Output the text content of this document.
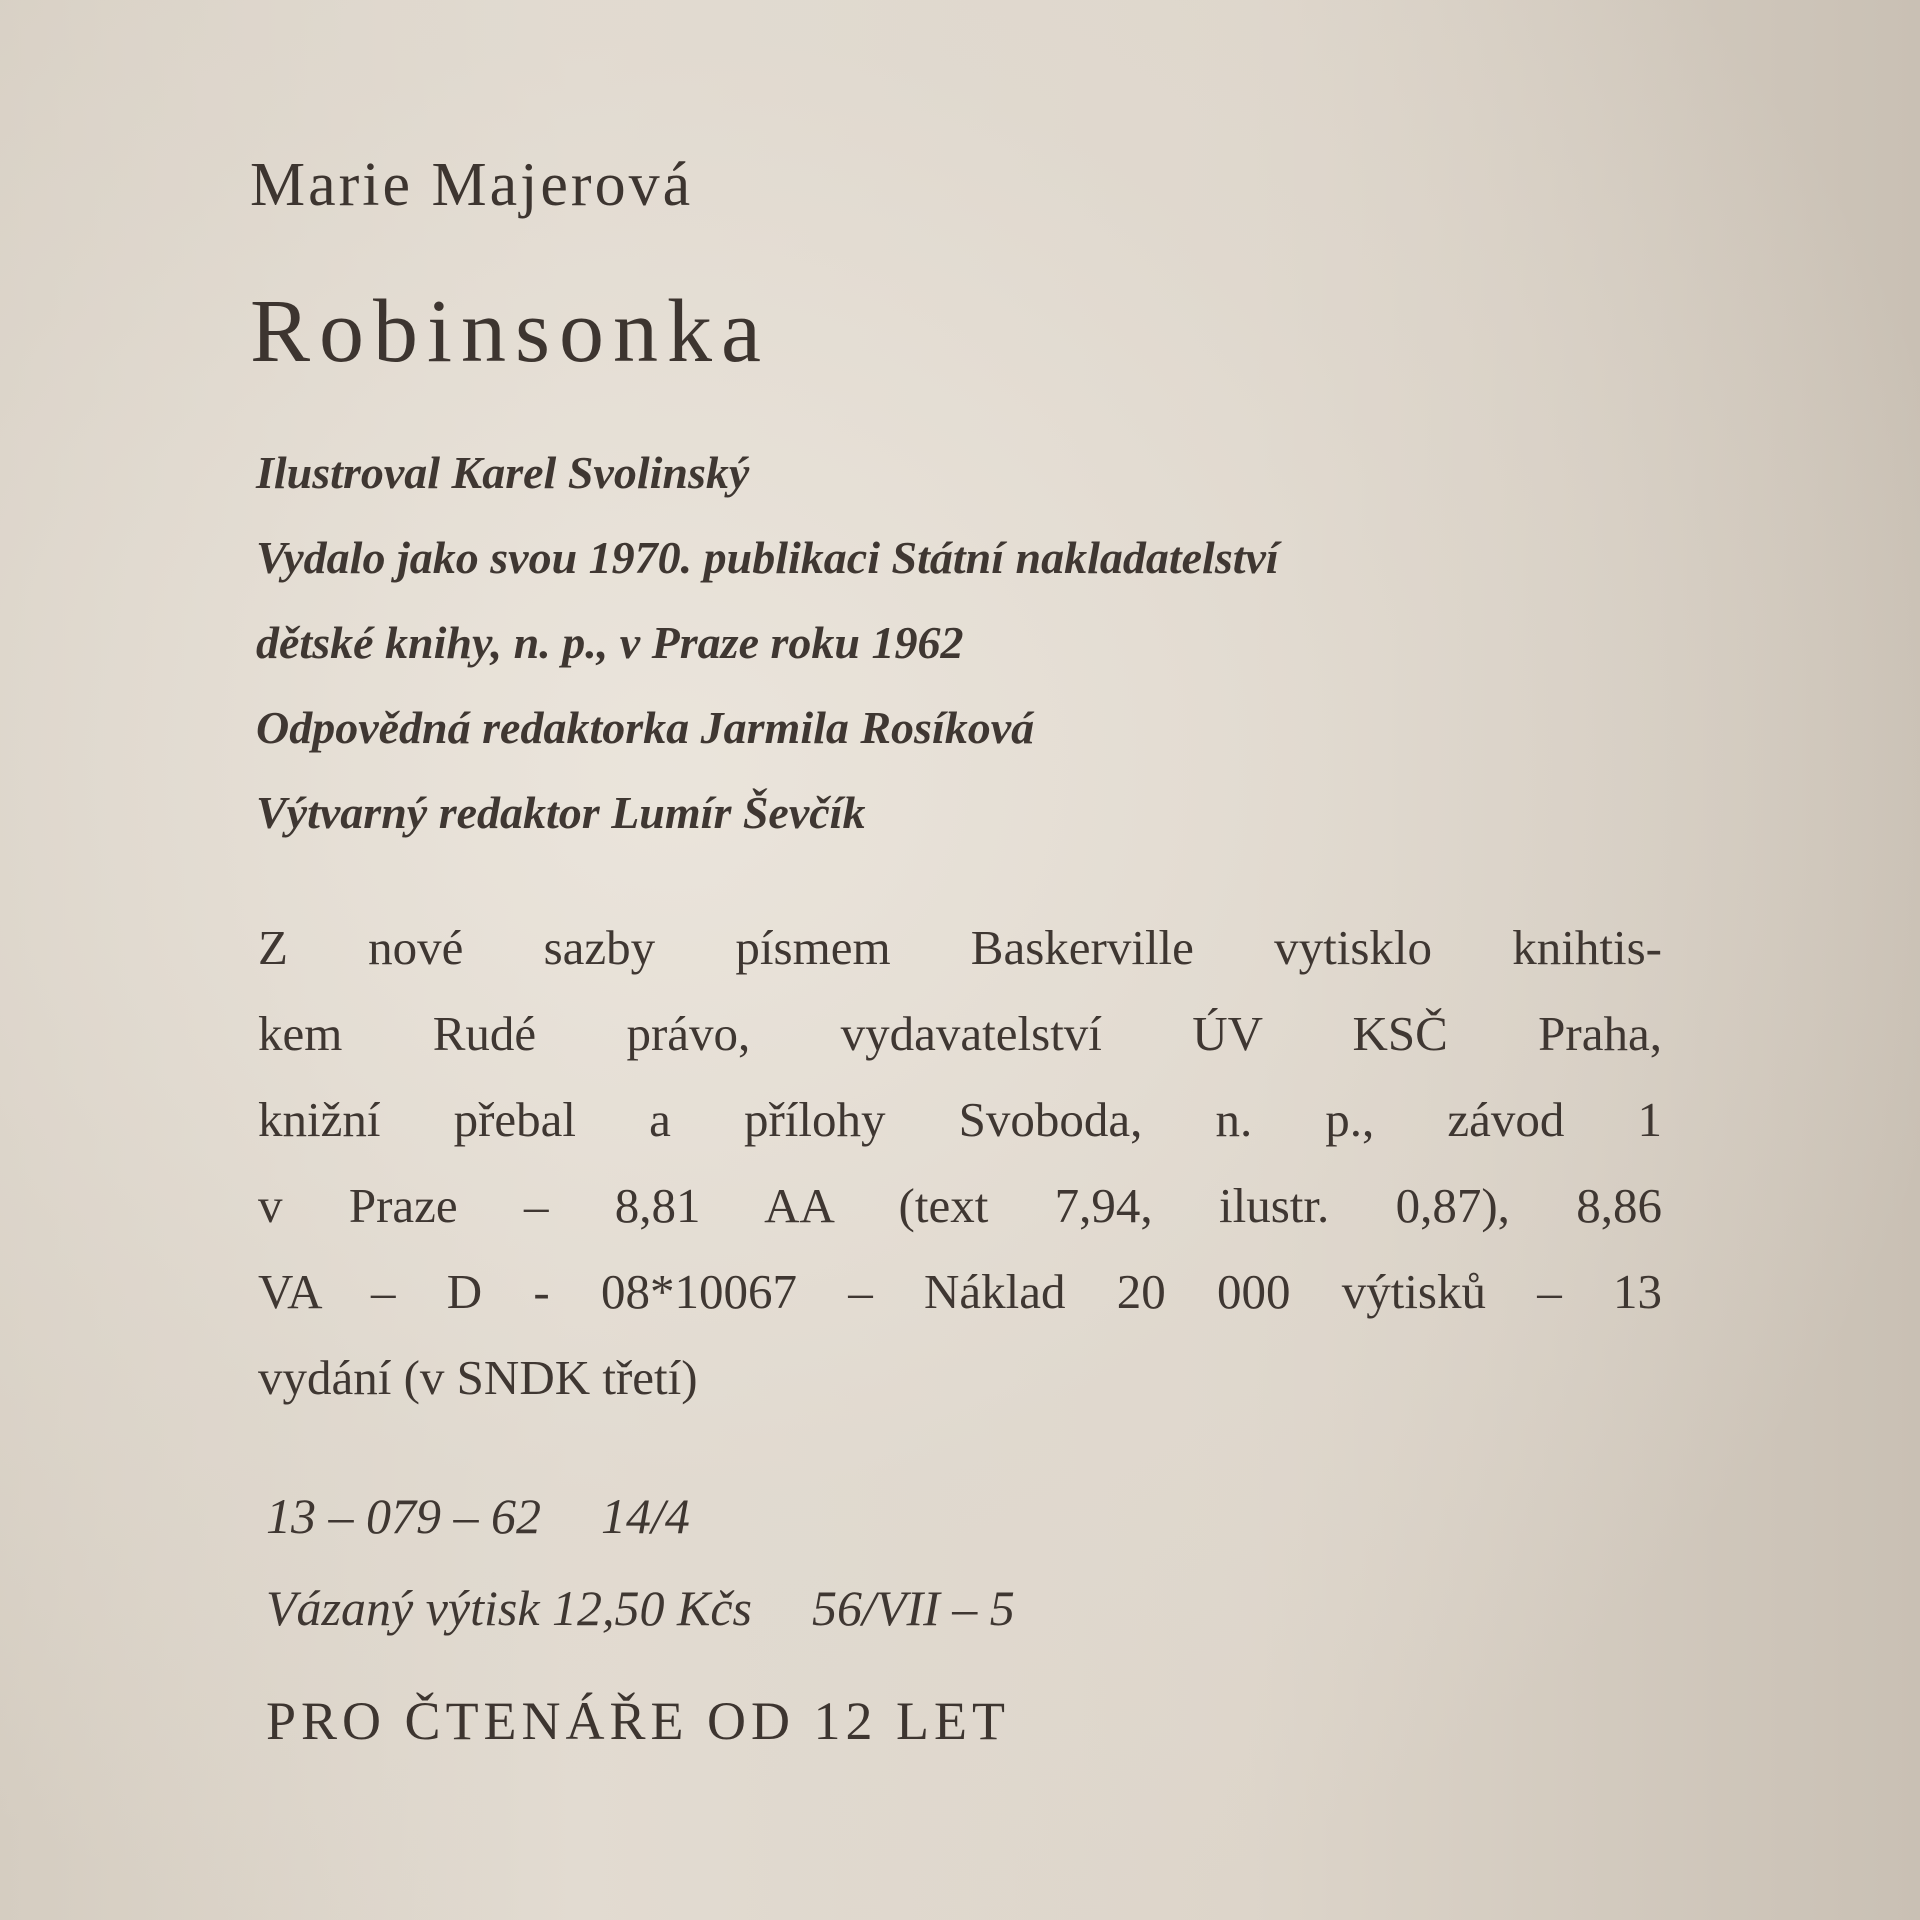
Marie Majerová
Robinsonka
Ilustroval Karel Svolinský
Vydalo jako svou 1970. publikaci Státní nakladatelství
dětské knihy, n. p., v Praze roku 1962
Odpovědná redaktorka Jarmila Rosíková
Výtvarný redaktor Lumír Ševčík
Z nové sazby písmem Baskerville vytisklo knihtis-
kem Rudé právo, vydavatelství ÚV KSČ Praha,
knižní přebal a přílohy Svoboda, n. p., závod 1
v Praze – 8,81 AA (text 7,94, ilustr. 0,87), 8,86
VA – D - 08*10067 – Náklad 20 000 výtisků – 13
vydání (v SNDK třetí)
13 – 079 – 62 14/4
Vázaný výtisk 12,50 Kčs 56/VII – 5
PRO ČTENÁŘE OD 12 LET
